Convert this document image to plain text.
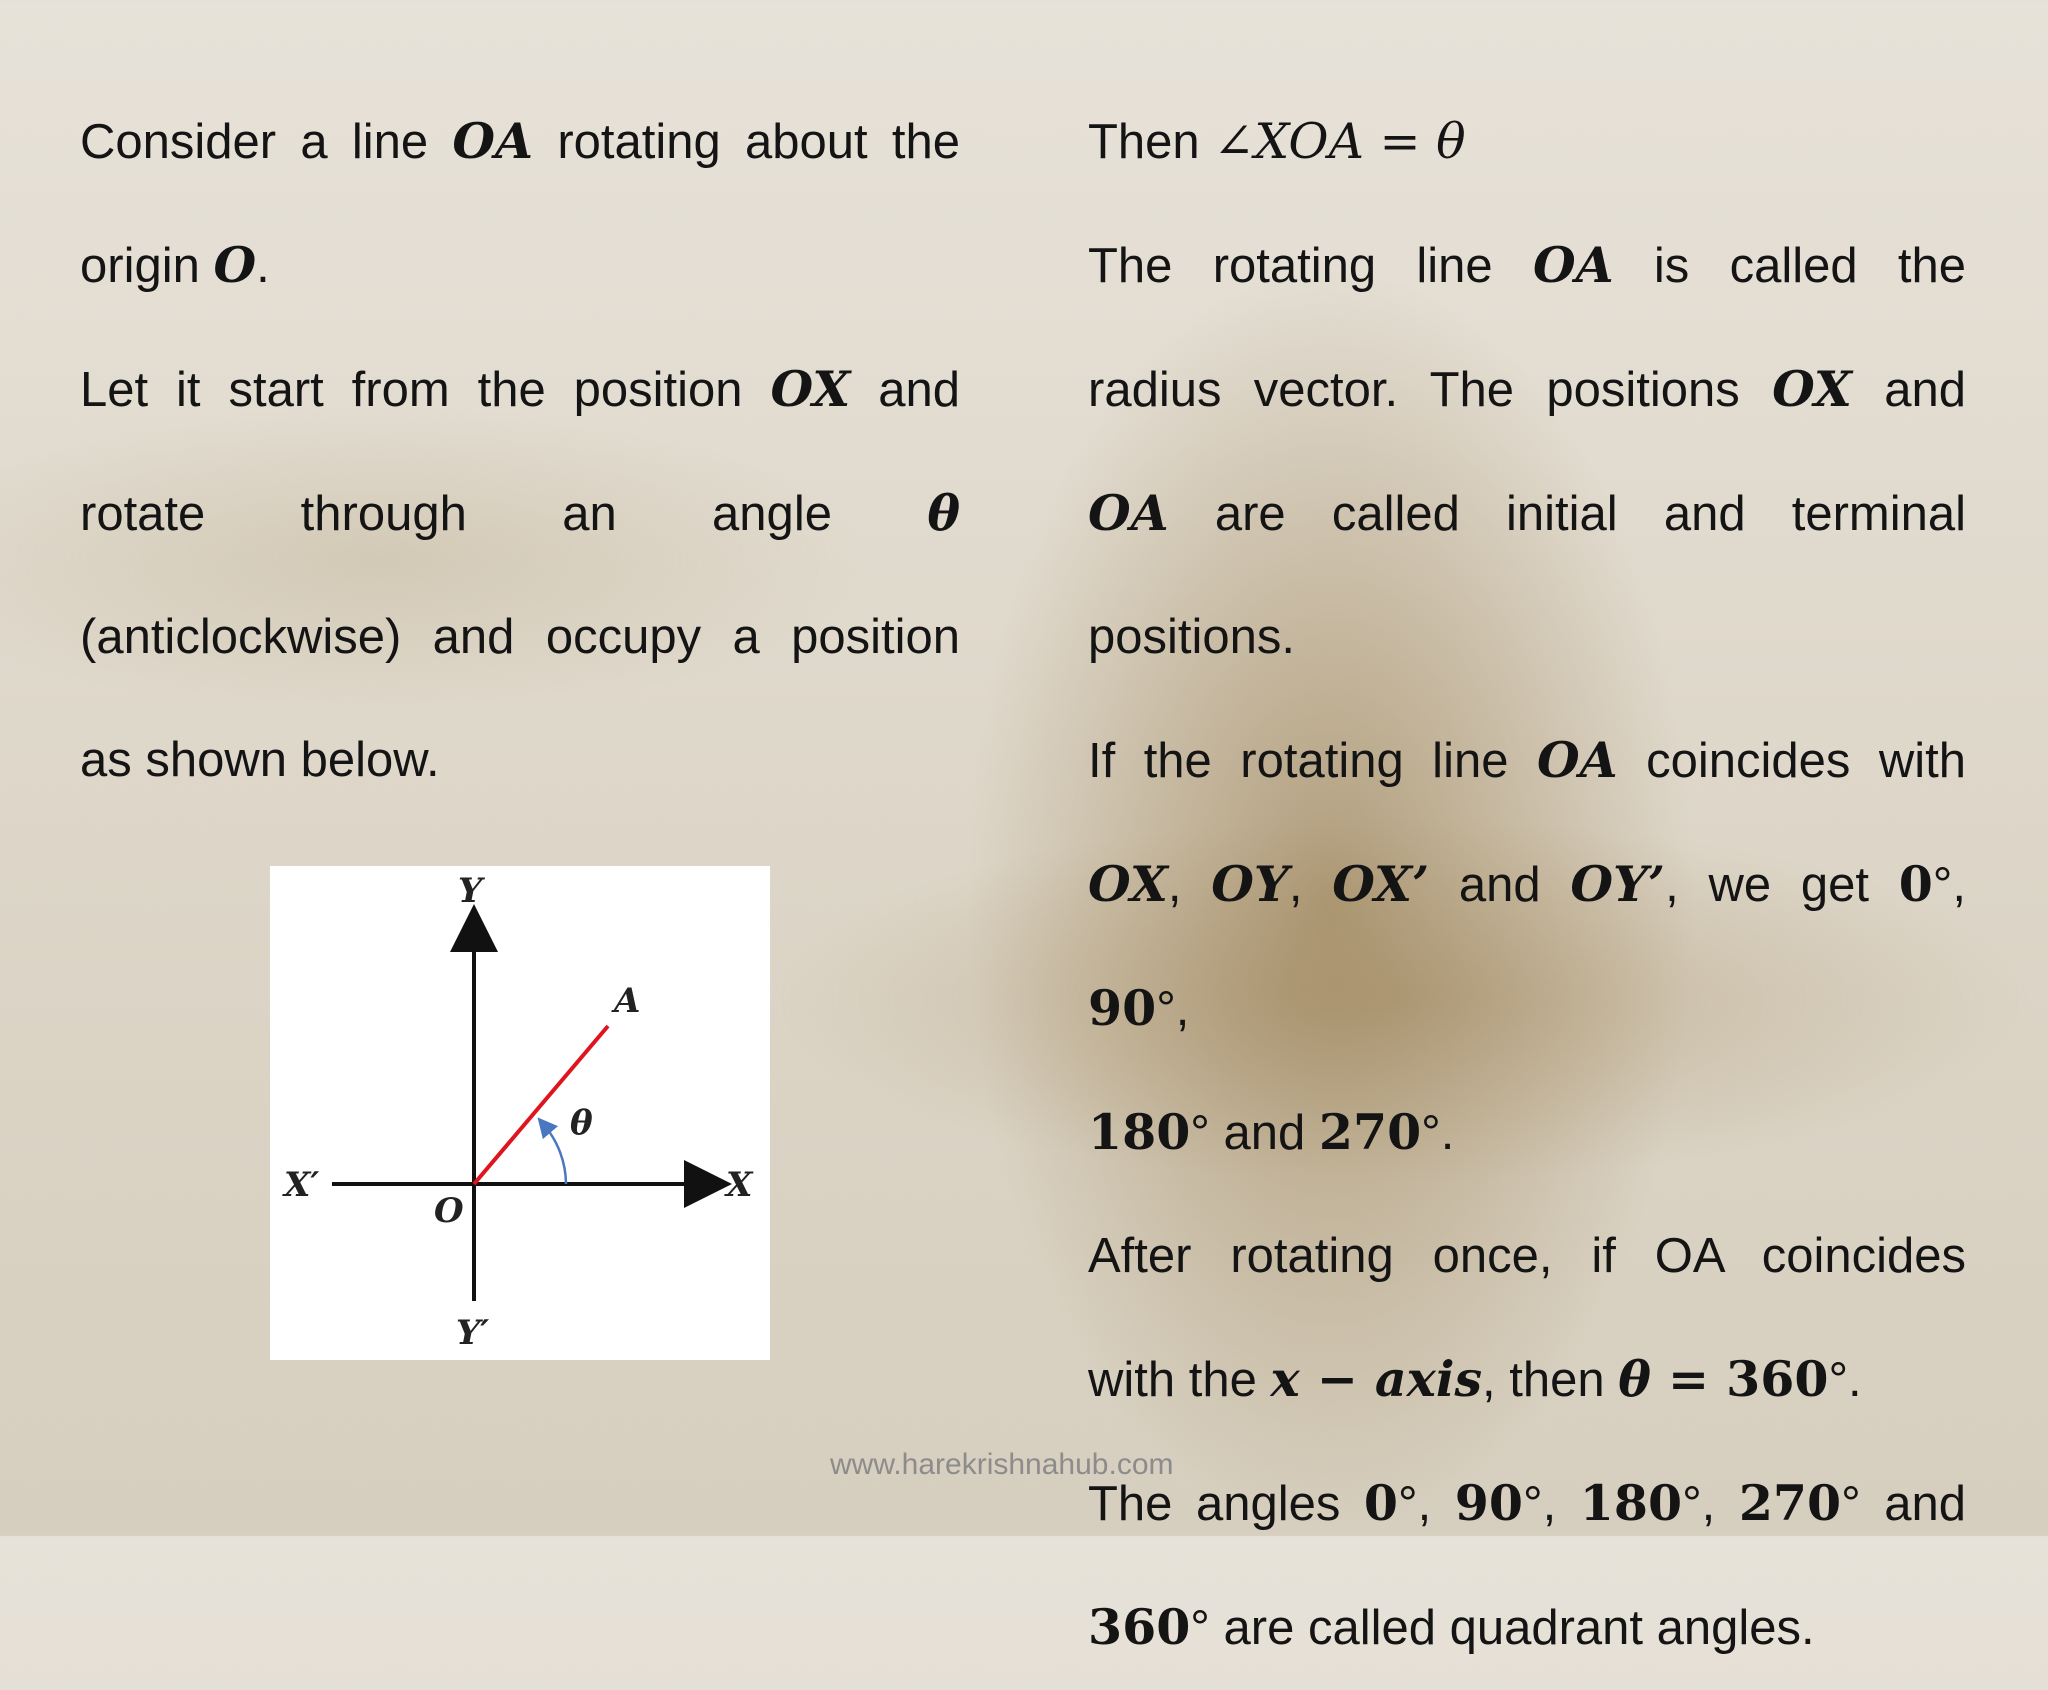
Consider a line OA rotating about the
origin O.
Let it start from the position OX and
rotate through an angle θ
(anticlockwise) and occupy a position
as shown below.
Y
Y′
X
X′
O
A
θ
Then ∠XOA = θ
The rotating line OA is called the
radius vector. The positions OX and
OA are called initial and terminal
positions.
If the rotating line OA coincides with
OX, OY, OX’ and OY’, we get 0°, 90°,
180° and 270°.
After rotating once, if OA coincides
with the x − axis, then θ = 360°.
The angles 0°, 90°, 180°, 270° and
360° are called quadrant angles.
www.harekrishnahub.com
